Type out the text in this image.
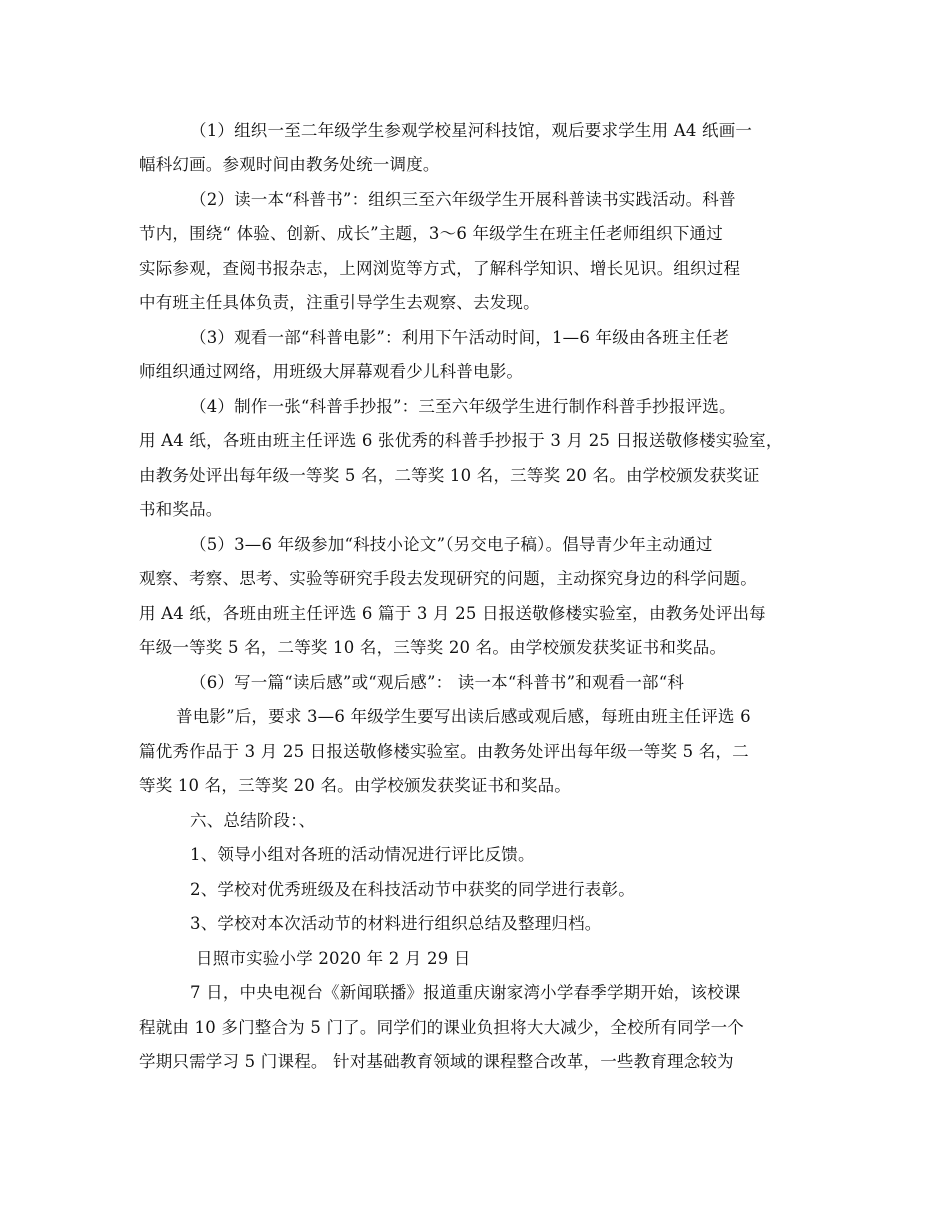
（1）组织一至二年级学生参观学校星河科技馆，观后要求学生用 A4 纸画一
幅科幻画。参观时间由教务处统一调度。
（2）读一本“科普书”：组织三至六年级学生开展科普读书实践活动。科普
节内，围绕“ 体验、创新、成长”主题，3～6 年级学生在班主任老师组织下通过
实际参观，查阅书报杂志，上网浏览等方式，了解科学知识、增长见识。组织过程
中有班主任具体负责，注重引导学生去观察、去发现。
（3）观看一部“科普电影”：利用下午活动时间，1—6 年级由各班主任老
师组织通过网络，用班级大屏幕观看少儿科普电影。
（4）制作一张“科普手抄报”：三至六年级学生进行制作科普手抄报评选。
用 A4 纸，各班由班主任评选 6 张优秀的科普手抄报于 3 月 25 日报送敬修楼实验室，
由教务处评出每年级一等奖 5 名，二等奖 10 名，三等奖 20 名。由学校颁发获奖证
书和奖品。
（5）3—6 年级参加“科技小论文”（另交电子稿）。倡导青少年主动通过
观察、考察、思考、实验等研究手段去发现研究的问题，主动探究身边的科学问题。
用 A4 纸，各班由班主任评选 6 篇于 3 月 25 日报送敬修楼实验室，由教务处评出每
年级一等奖 5 名，二等奖 10 名，三等奖 20 名。由学校颁发获奖证书和奖品。
（6）写一篇“读后感”或“观后感”： 读一本“科普书”和观看一部“科
普电影”后，要求 3—6 年级学生要写出读后感或观后感，每班由班主任评选 6
篇优秀作品于 3 月 25 日报送敬修楼实验室。由教务处评出每年级一等奖 5 名，二
等奖 10 名，三等奖 20 名。由学校颁发获奖证书和奖品。
六、总结阶段：、
1、领导小组对各班的活动情况进行评比反馈。
2、学校对优秀班级及在科技活动节中获奖的同学进行表彰。
3、学校对本次活动节的材料进行组织总结及整理归档。
日照市实验小学 2020 年 2 月 29 日
7 日，中央电视台《新闻联播》报道重庆谢家湾小学春季学期开始，该校课
程就由 10 多门整合为 5 门了。同学们的课业负担将大大减少，全校所有同学一个
学期只需学习 5 门课程。 针对基础教育领域的课程整合改革，一些教育理念较为
